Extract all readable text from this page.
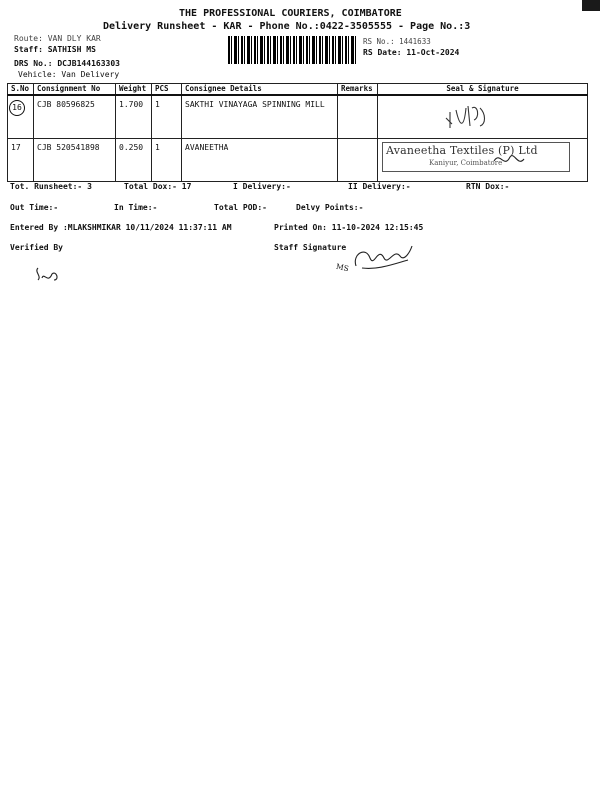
THE PROFESSIONAL COURIERS, COIMBATORE
Delivery Runsheet - KAR - Phone No.:0422-3505555 - Page No.:3
Route: VAN DLY KAR
Staff: SATHISH MS
DRS No.: DCJB144163303
Vehicle: Van Delivery
RS No.: 1441633
RS Date: 11-Oct-2024
S.No	Consignment No	Weight	PCS	Consignee Details	Remarks	Seal & Signature
16	CJB 80596825	1.700	1	SAKTHI VINAYAGA SPINNING MILL		

17	CJB 520541898	0.250	1	AVANEETHA		Avaneetha Textiles (P) Ltd
Kaniyur, Coimbatore
Tot. Runsheet:- 3	Total Dox:- 17	I Delivery:-	II Delivery:-	RTN Dox:-
Out Time:-	In Time:-	Total POD:-	Delvy Points:-
Entered By :MLAKSHMIKAR 10/11/2024 11:37:11 AM	Printed On: 11-10-2024 12:15:45
Verified By	Staff Signature
MS
